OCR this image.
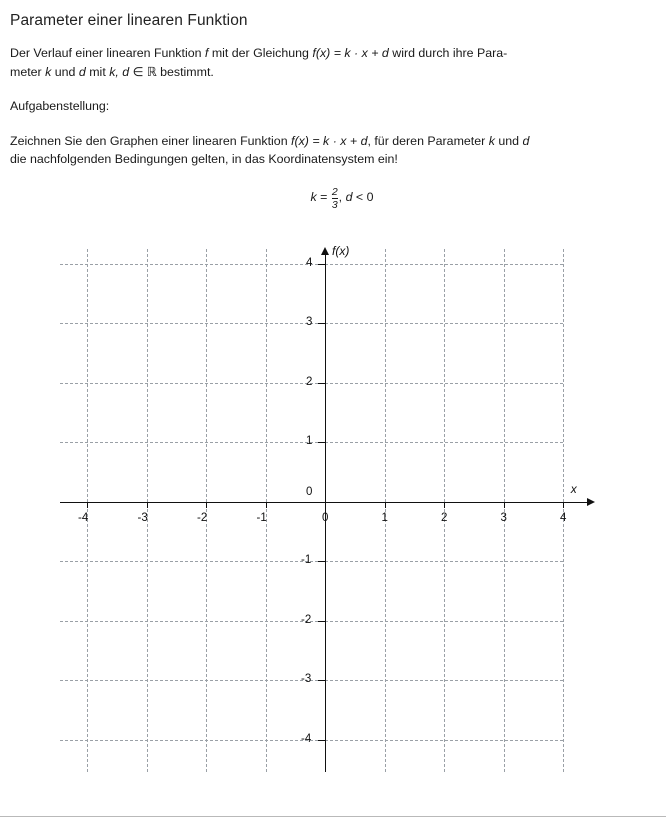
Parameter einer linearen Funktion

Der Verlauf einer linearen Funktion f mit der Gleichung f(x) = k · x + d wird durch ihre Para-
meter k und d mit k, d ∈ ℝ bestimmt.

Aufgabenstellung:

Zeichnen Sie den Graphen einer linearen Funktion f(x) = k · x + d, für deren Parameter k und d
die nachfolgenden Bedingungen gelten, in das Koordinatensystem ein!

$k = \frac{2}{3}$ , d < 0
-4	-3	-2	-1	0	1	2	3	4
-4
-3
-2
-1
0
1
2
3
4
f(x)
x
